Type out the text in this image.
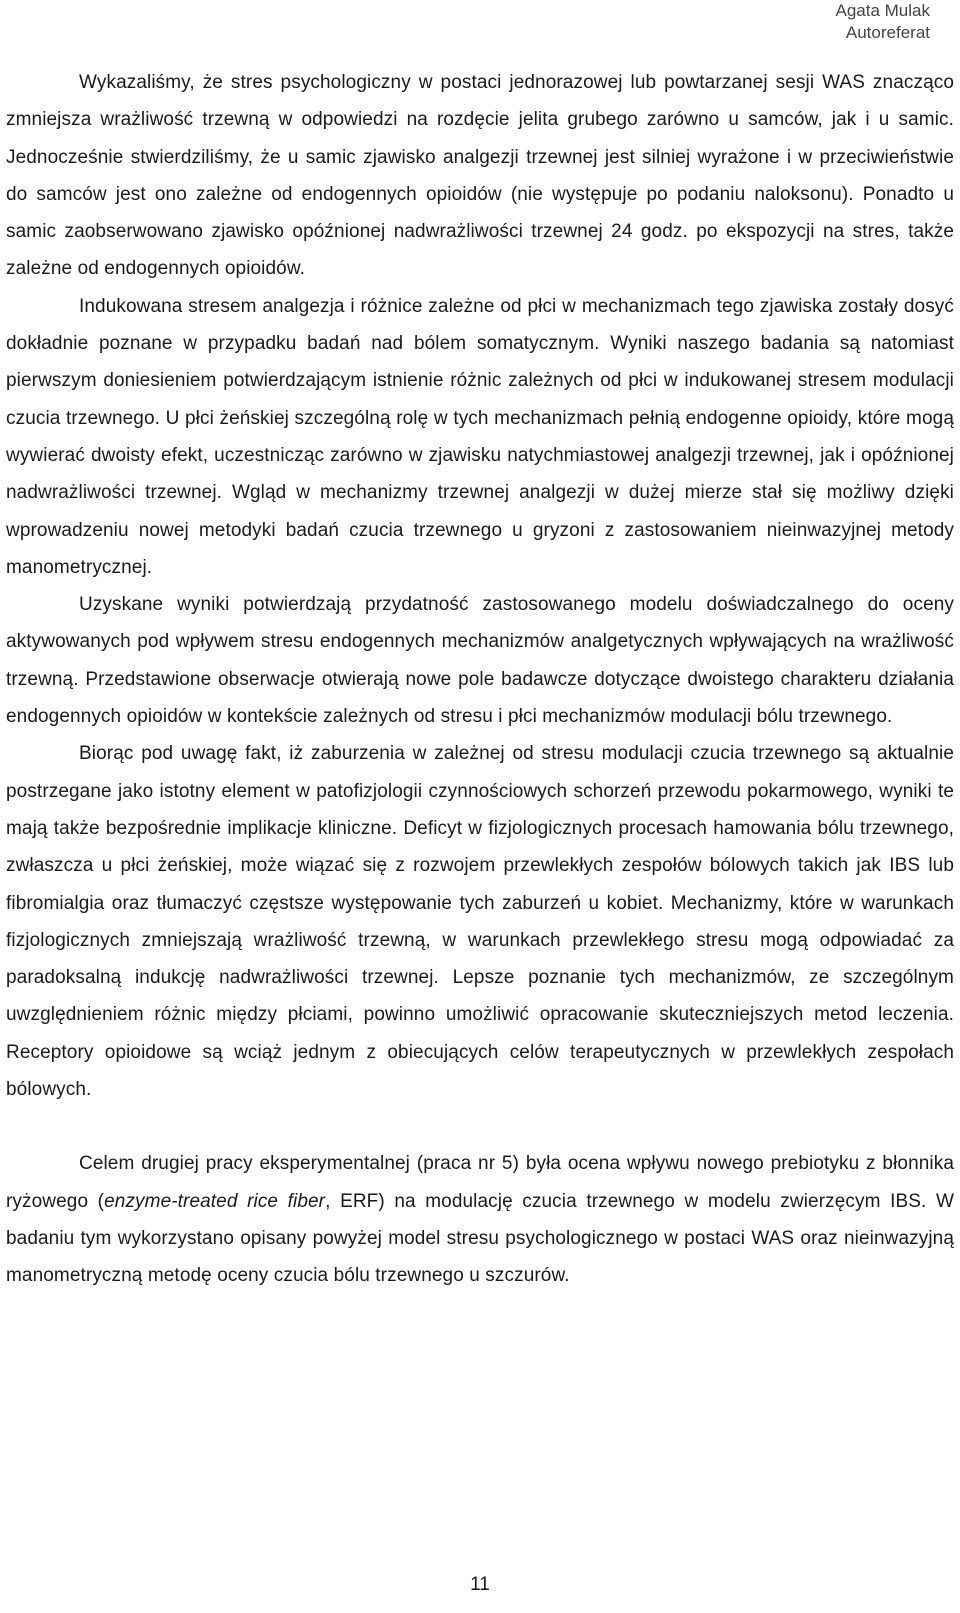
Agata Mulak
Autoreferat

Wykazaliśmy, że stres psychologiczny w postaci jednorazowej lub powtarzanej sesji WAS znacząco zmniejsza wrażliwość trzewną w odpowiedzi na rozdęcie jelita grubego zarówno u samców, jak i u samic. Jednocześnie stwierdziliśmy, że u samic zjawisko analgezji trzewnej jest silniej wyrażone i w przeciwieństwie do samców jest ono zależne od endogennych opioidów (nie występuje po podaniu naloksonu). Ponadto u samic zaobserwowano zjawisko opóźnionej nadwrażliwości trzewnej 24 godz. po ekspozycji na stres, także zależne od endogennych opioidów.

Indukowana stresem analgezja i różnice zależne od płci w mechanizmach tego zjawiska zostały dosyć dokładnie poznane w przypadku badań nad bólem somatycznym. Wyniki naszego badania są natomiast pierwszym doniesieniem potwierdzającym istnienie różnic zależnych od płci w indukowanej stresem modulacji czucia trzewnego. U płci żeńskiej szczególną rolę w tych mechanizmach pełnią endogenne opioidy, które mogą wywierać dwoisty efekt, uczestnicząc zarówno w zjawisku natychmiastowej analgezji trzewnej, jak i opóźnionej nadwrażliwości trzewnej. Wgląd w mechanizmy trzewnej analgezji w dużej mierze stał się możliwy dzięki wprowadzeniu nowej metodyki badań czucia trzewnego u gryzoni z zastosowaniem nieinwazyjnej metody manometrycznej.

Uzyskane wyniki potwierdzają przydatność zastosowanego modelu doświadczalnego do oceny aktywowanych pod wpływem stresu endogennych mechanizmów analgetycznych wpływających na wrażliwość trzewną. Przedstawione obserwacje otwierają nowe pole badawcze dotyczące dwoistego charakteru działania endogennych opioidów w kontekście zależnych od stresu i płci mechanizmów modulacji bólu trzewnego.

Biorąc pod uwagę fakt, iż zaburzenia w zależnej od stresu modulacji czucia trzewnego są aktualnie postrzegane jako istotny element w patofizjologii czynnościowych schorzeń przewodu pokarmowego, wyniki te mają także bezpośrednie implikacje kliniczne. Deficyt w fizjologicznych procesach hamowania bólu trzewnego, zwłaszcza u płci żeńskiej, może wiązać się z rozwojem przewlekłych zespołów bólowych takich jak IBS lub fibromialgia oraz tłumaczyć częstsze występowanie tych zaburzeń u kobiet. Mechanizmy, które w warunkach fizjologicznych zmniejszają wrażliwość trzewną, w warunkach przewlekłego stresu mogą odpowiadać za paradoksalną indukcję nadwrażliwości trzewnej. Lepsze poznanie tych mechanizmów, ze szczególnym uwzględnieniem różnic między płciami, powinno umożliwić opracowanie skuteczniejszych metod leczenia. Receptory opioidowe są wciąż jednym z obiecujących celów terapeutycznych w przewlekłych zespołach bólowych.

Celem drugiej pracy eksperymentalnej (praca nr 5) była ocena wpływu nowego prebiotyku z błonnika ryżowego (enzyme-treated rice fiber, ERF) na modulację czucia trzewnego w modelu zwierzęcym IBS. W badaniu tym wykorzystano opisany powyżej model stresu psychologicznego w postaci WAS oraz nieinwazyjną manometryczną metodę oceny czucia bólu trzewnego u szczurów.

11
